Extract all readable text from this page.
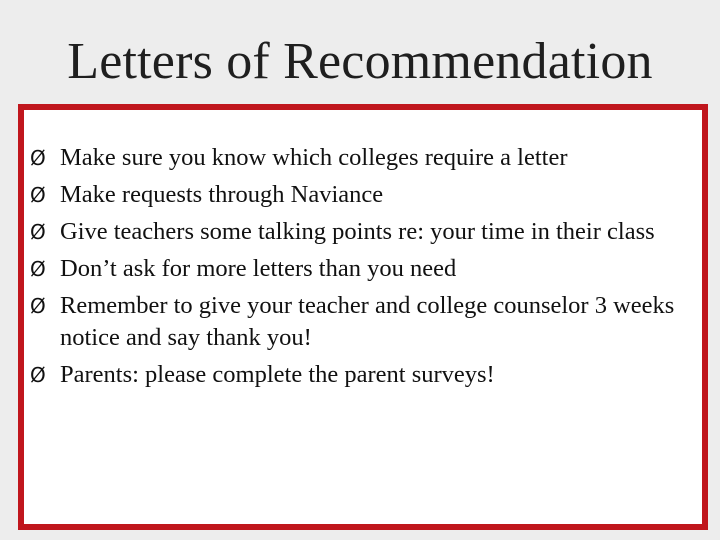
Letters of Recommendation
Ø Make sure you know which colleges require a letter
Ø Make requests through Naviance
Ø Give teachers some talking points re: your time in their class
Ø Don’t ask for more letters than you need
Ø Remember to give your teacher and college counselor 3 weeks notice and say thank you!
Ø Parents: please complete the parent surveys!
